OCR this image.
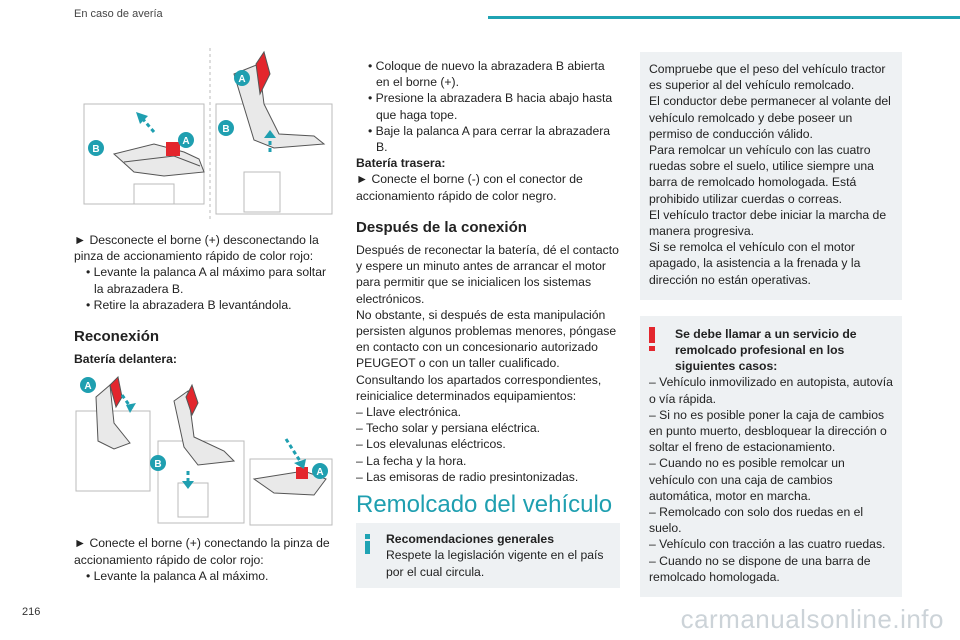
En caso de avería
A
B
A
B
► Desconecte el borne (+) desconectando la pinza de accionamiento rápido de color rojo:
• Levante la palanca A al máximo para soltar la abrazadera B.
• Retire la abrazadera B levantándola.
Reconexión
Batería delantera:
A
B
A
► Conecte el borne (+) conectando la pinza de accionamiento rápido de color rojo:
• Levante la palanca A al máximo.
• Coloque de nuevo la abrazadera B abierta en el borne (+).
• Presione la abrazadera B hacia abajo hasta que haga tope.
• Baje la palanca A para cerrar la abrazadera B.
Batería trasera:
► Conecte el borne (-) con el conector de accionamiento rápido de color negro.
Después de la conexión
Después de reconectar la batería, dé el contacto y espere un minuto antes de arrancar el motor para permitir que se inicialicen los sistemas electrónicos.
No obstante, si después de esta manipulación persisten algunos problemas menores, póngase en contacto con un concesionario autorizado PEUGEOT o con un taller cualificado.
Consultando los apartados correspondientes, reinicialice determinados equipamientos:
– Llave electrónica.
– Techo solar y persiana eléctrica.
– Los elevalunas eléctricos.
– La fecha y la hora.
– Las emisoras de radio presintonizadas.
Remolcado del vehículo
Recomendaciones generales
Respete la legislación vigente en el país por el cual circula.
Compruebe que el peso del vehículo tractor es superior al del vehículo remolcado.
El conductor debe permanecer al volante del vehículo remolcado y debe poseer un permiso de conducción válido.
Para remolcar un vehículo con las cuatro ruedas sobre el suelo, utilice siempre una barra de remolcado homologada. Está prohibido utilizar cuerdas o correas.
El vehículo tractor debe iniciar la marcha de manera progresiva.
Si se remolca el vehículo con el motor apagado, la asistencia a la frenada y la dirección no están operativas.
Se debe llamar a un servicio de remolcado profesional en los siguientes casos:
– Vehículo inmovilizado en autopista, autovía o vía rápida.
– Si no es posible poner la caja de cambios en punto muerto, desbloquear la dirección o soltar el freno de estacionamiento.
– Cuando no es posible remolcar un vehículo con una caja de cambios automática, motor en marcha.
– Remolcado con solo dos ruedas en el suelo.
– Vehículo con tracción a las cuatro ruedas.
– Cuando no se dispone de una barra de remolcado homologada.
216	carmanualsonline.info
